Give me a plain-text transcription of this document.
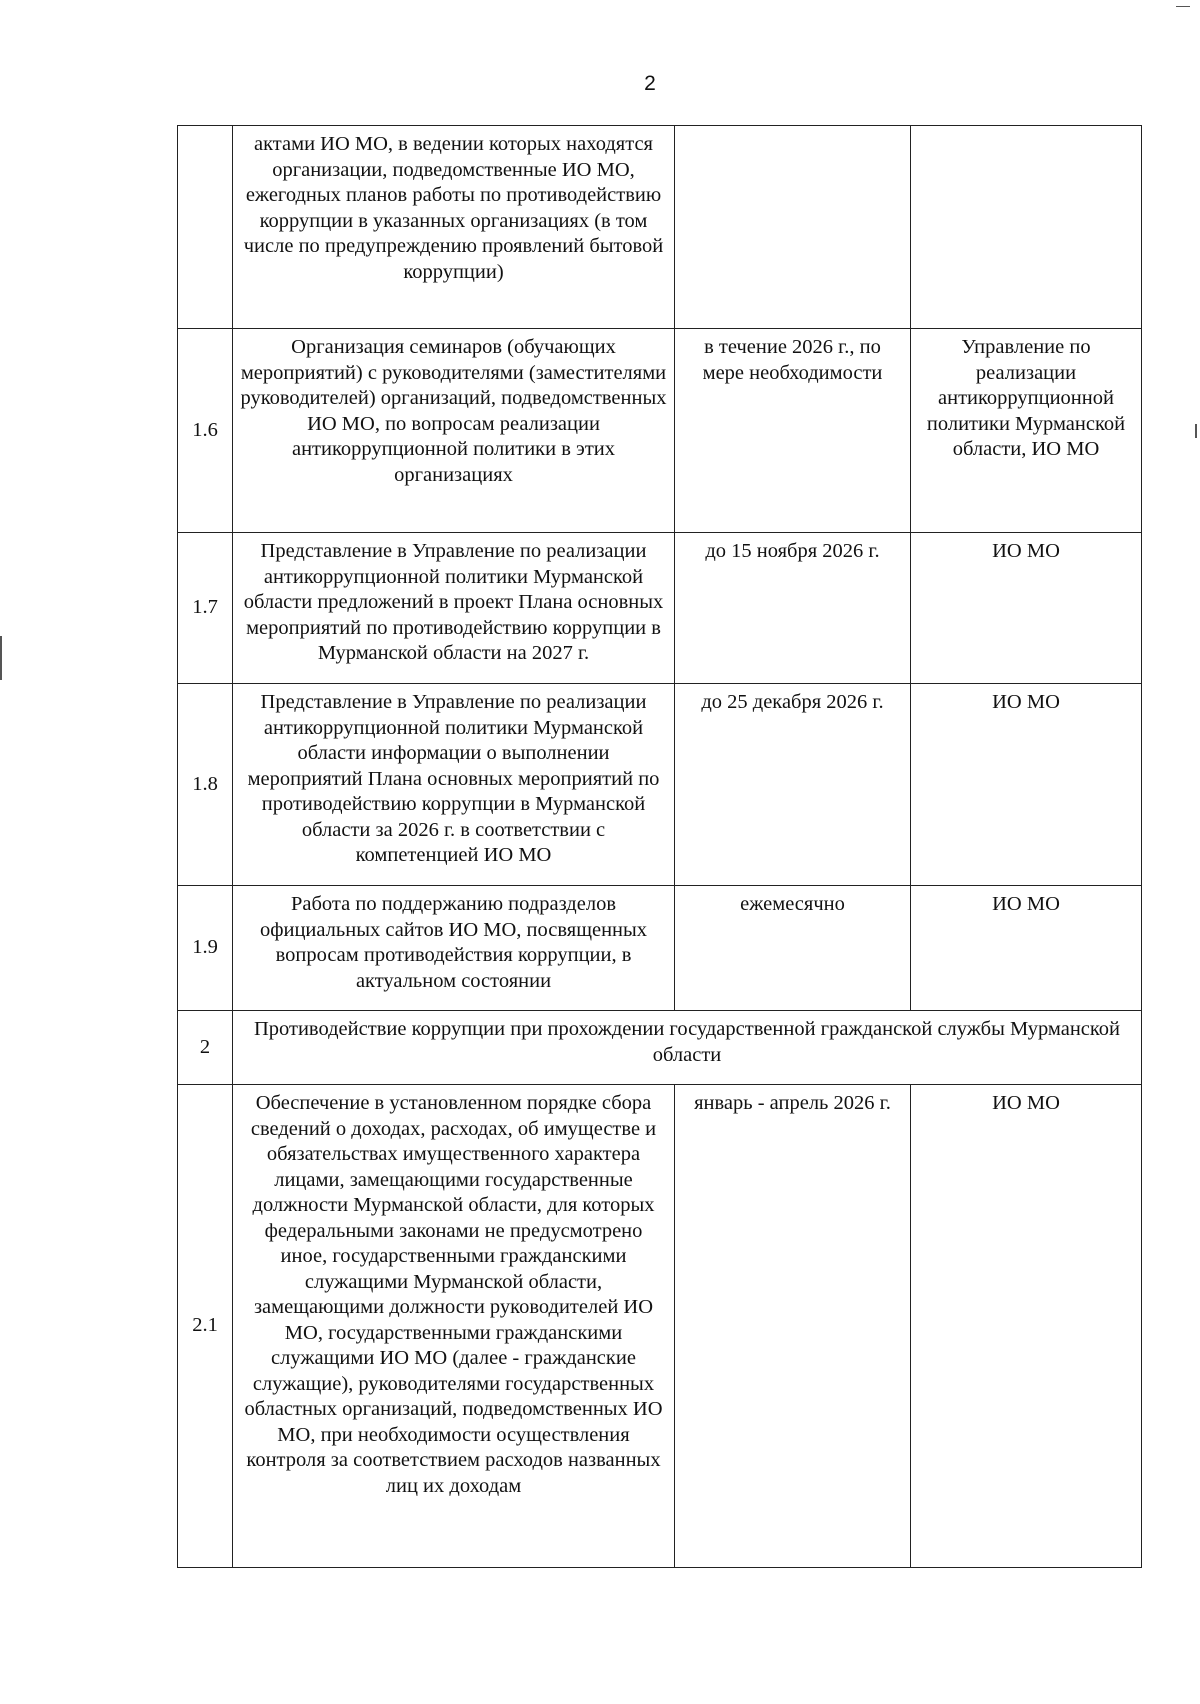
2
	актами ИО МО, в ведении которых находятся организации, подведомственные ИО МО, ежегодных планов работы по противодействию коррупции в указанных организациях (в том числе по предупреждению проявлений бытовой коррупции)		
1.6	Организация семинаров (обучающих мероприятий) с руководителями (заместителями руководителей) организаций, подведомственных ИО МО, по вопросам реализации антикоррупционной политики в этих организациях	в течение 2026 г., по мере необходимости	Управление по реализации антикоррупционной политики Мурманской области, ИО МО
1.7	Представление в Управление по реализации антикоррупционной политики Мурманской области предложений в проект Плана основных мероприятий по противодействию коррупции в Мурманской области на 2027 г.	до 15 ноября 2026 г.	ИО МО
1.8	Представление в Управление по реализации антикоррупционной политики Мурманской области информации о выполнении мероприятий Плана основных мероприятий по противодействию коррупции в Мурманской области за 2026 г. в соответствии с компетенцией ИО МО	до 25 декабря 2026 г.	ИО МО
1.9	Работа по поддержанию подразделов официальных сайтов ИО МО, посвященных вопросам противодействия коррупции, в актуальном состоянии	ежемесячно	ИО МО
2	Противодействие коррупции при прохождении государственной гражданской службы Мурманской области		
2.1	Обеспечение в установленном порядке сбора сведений о доходах, расходах, об имуществе и обязательствах имущественного характера лицами, замещающими государственные должности Мурманской области, для которых федеральными законами не предусмотрено иное, государственными гражданскими служащими Мурманской области, замещающими должности руководителей ИО МО, государственными гражданскими служащими ИО МО (далее - гражданские служащие), руководителями государственных областных организаций, подведомственных ИО МО, при необходимости осуществления контроля за соответствием расходов названных лиц их доходам	январь - апрель 2026 г.	ИО МО
